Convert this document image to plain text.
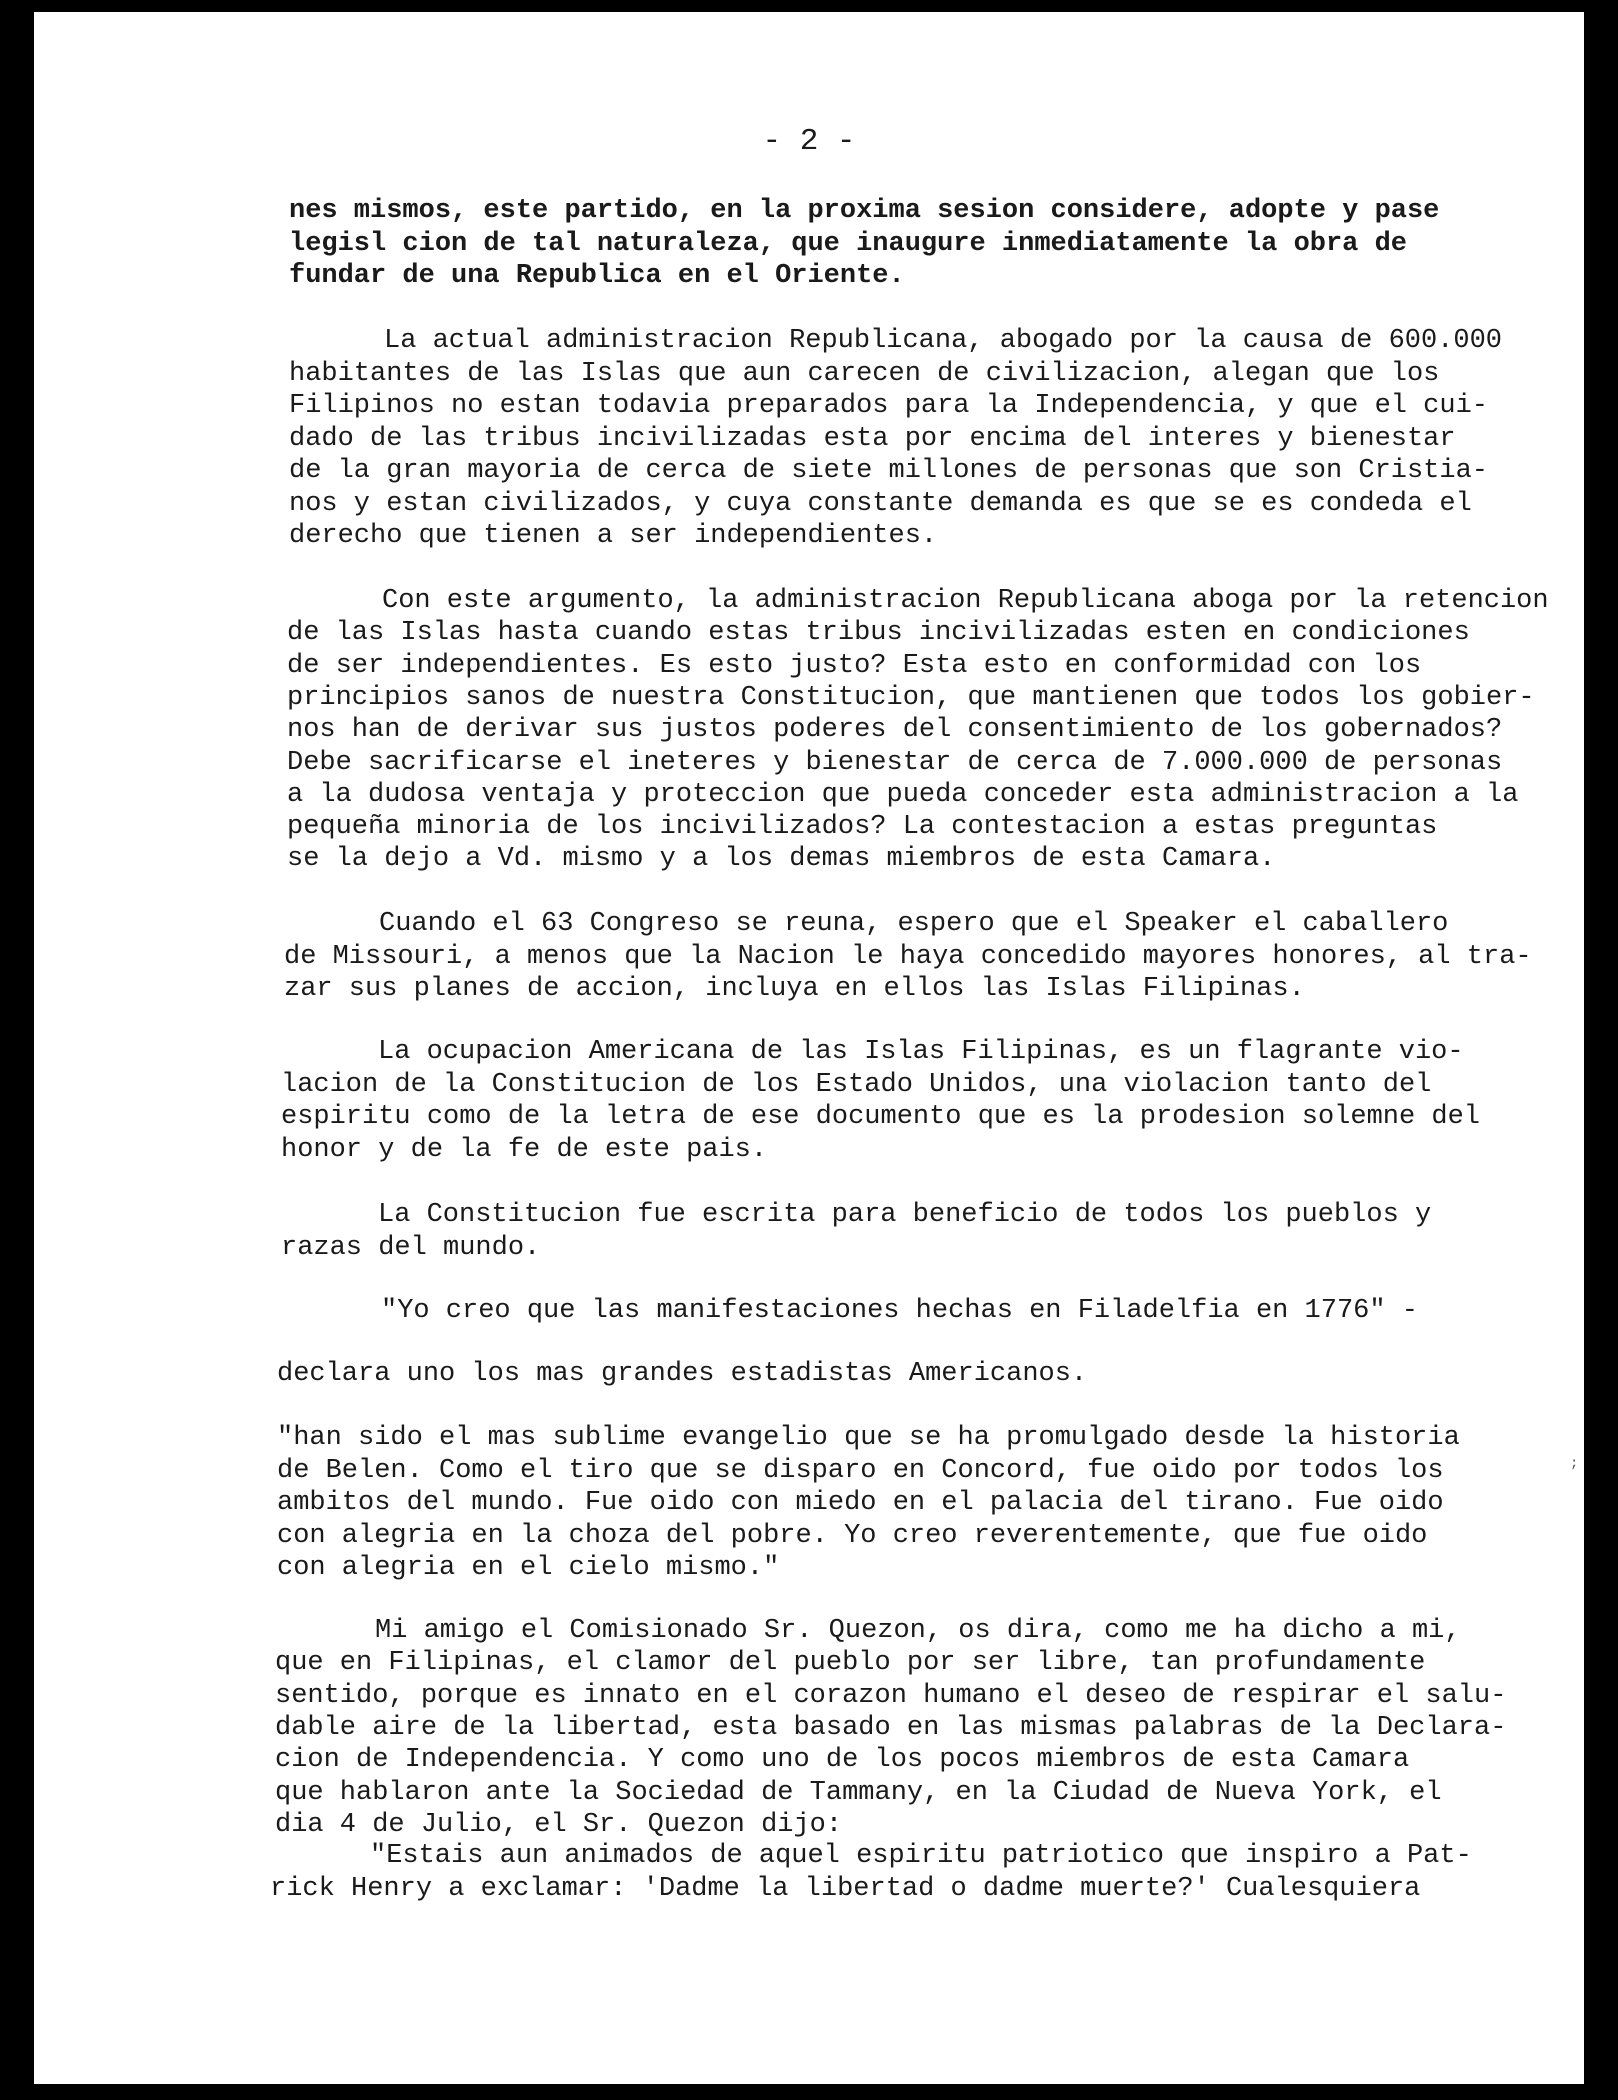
- 2 -

nes mismos, este partido, en la proxima sesion considere, adopte y pase

legisl cion de tal naturaleza, que inaugure inmediatamente la obra de

fundar de una Republica en el Oriente.

La actual administracion Republicana, abogado por la causa de 600.000

habitantes de las Islas que aun carecen de civilizacion, alegan que los

Filipinos no estan todavia preparados para la Independencia, y que el cui-

dado de las tribus incivilizadas esta por encima del interes y bienestar

de la gran mayoria de cerca de siete millones de personas que son Cristia-

nos y estan civilizados, y cuya constante demanda es que se es condeda el

derecho que tienen a ser independientes.

Con este argumento, la administracion Republicana aboga por la retencion

de las Islas hasta cuando estas tribus incivilizadas esten en condiciones

de ser independientes. Es esto justo? Esta esto en conformidad con los

principios sanos de nuestra Constitucion, que mantienen que todos los gobier-

nos han de derivar sus justos poderes del consentimiento de los gobernados?

Debe sacrificarse el ineteres y bienestar de cerca de 7.000.000 de personas

a la dudosa ventaja y proteccion que pueda conceder esta administracion a la

pequeña minoria de los incivilizados? La contestacion a estas preguntas

se la dejo a Vd. mismo y a los demas miembros de esta Camara.

Cuando el 63 Congreso se reuna, espero que el Speaker el caballero

de Missouri, a menos que la Nacion le haya concedido mayores honores, al tra-

zar sus planes de accion, incluya en ellos las Islas Filipinas.

La ocupacion Americana de las Islas Filipinas, es un flagrante vio-

lacion de la Constitucion de los Estado Unidos, una violacion tanto del

espiritu como de la letra de ese documento que es la prodesion solemne del

honor y de la fe de este pais.

La Constitucion fue escrita para beneficio de todos los pueblos y

razas del mundo.

"Yo creo que las manifestaciones hechas en Filadelfia en 1776" -

declara uno los mas grandes estadistas Americanos.

"han sido el mas sublime evangelio que se ha promulgado desde la historia

de Belen. Como el tiro que se disparo en Concord, fue oido por todos los

ambitos del mundo. Fue oido con miedo en el palacia del tirano. Fue oido

con alegria en la choza del pobre. Yo creo reverentemente, que fue oido

con alegria en el cielo mismo."

Mi amigo el Comisionado Sr. Quezon, os dira, como me ha dicho a mi,

que en Filipinas, el clamor del pueblo por ser libre, tan profundamente

sentido, porque es innato en el corazon humano el deseo de respirar el salu-

dable aire de la libertad, esta basado en las mismas palabras de la Declara-

cion de Independencia. Y como uno de los pocos miembros de esta Camara

que hablaron ante la Sociedad de Tammany, en la Ciudad de Nueva York, el

dia 4 de Julio, el Sr. Quezon dijo:

"Estais aun animados de aquel espiritu patriotico que inspiro a Pat-

rick Henry a exclamar: 'Dadme la libertad o dadme muerte?' Cualesquiera

;
